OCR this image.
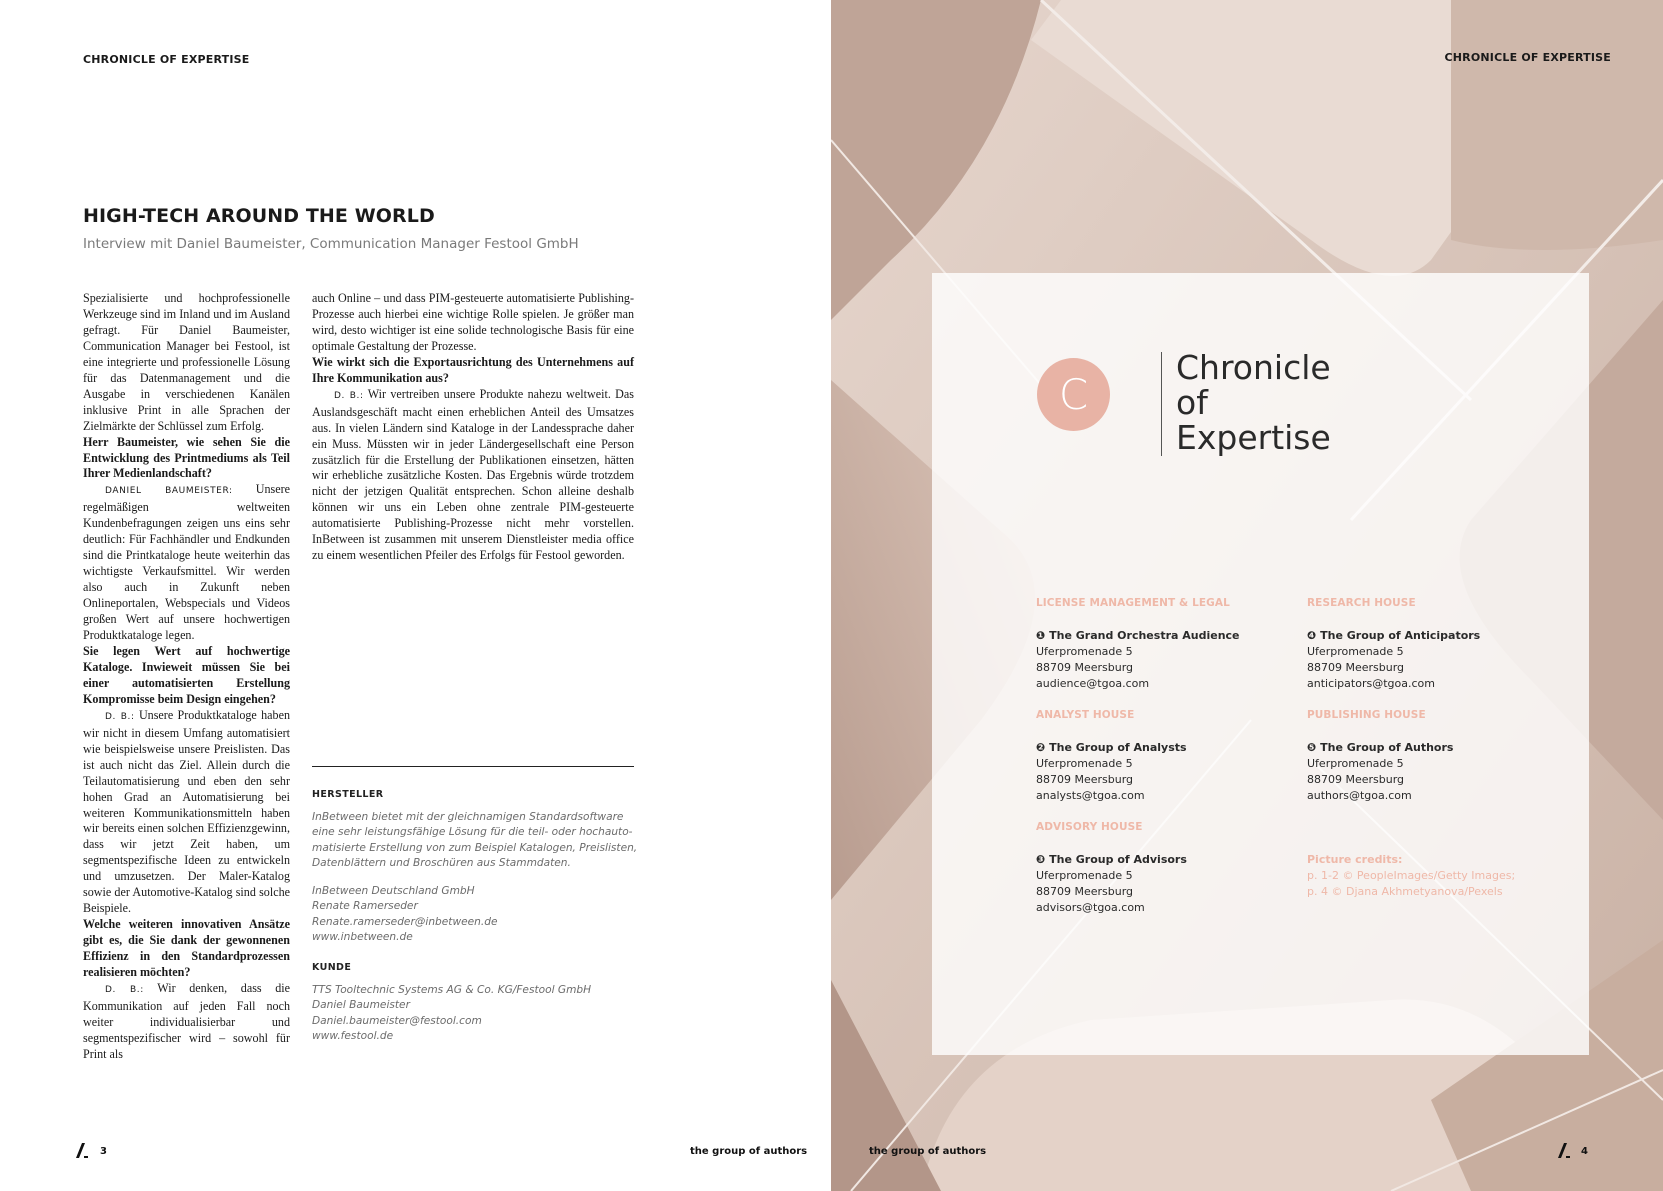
CHRONICLE OF EXPERTISE
HIGH-TECH AROUND THE WORLD
Interview mit Daniel Baumeister, Communication Manager Festool GmbH

Spezialisierte und hochprofessionelle Werkzeuge sind im Inland und im Ausland gefragt. Für Daniel Baumeister, Communication Manager bei Festool, ist eine integrierte und professionelle Lösung für das Datenmanagement und die Ausgabe in verschiedenen Kanälen inklusive Print in alle Sprachen der Zielmärkte der Schlüssel zum Erfolg.

Herr Baumeister, wie sehen Sie die Entwicklung des Printmediums als Teil Ihrer Medienlandschaft?

DANIEL BAUMEISTER: Unsere regelmäßigen weltweiten Kundenbefragungen zeigen uns eins sehr deutlich: Für Fachhändler und Endkunden sind die Printkataloge heute weiterhin das wichtigste Verkaufsmittel. Wir werden also auch in Zukunft neben Onlineportalen, Webspecials und Videos großen Wert auf unsere hochwertigen Produktkataloge legen.

Sie legen Wert auf hochwertige Kataloge. Inwieweit müssen Sie bei einer automatisierten Erstellung Kompromisse beim Design eingehen?

D. B.: Unsere Produktkataloge haben wir nicht in diesem Umfang automatisiert wie beispielsweise unsere Preislisten. Das ist auch nicht das Ziel. Allein durch die Teilautomatisierung und eben den sehr hohen Grad an Automatisierung bei weiteren Kommunikationsmitteln haben wir bereits einen solchen Effizienzgewinn, dass wir jetzt Zeit haben, um segmentspezifische Ideen zu entwickeln und umzusetzen. Der Maler-Katalog sowie der Automotive-Katalog sind solche Beispiele.

Welche weiteren innovativen Ansätze gibt es, die Sie dank der gewonnenen Effizienz in den Standardprozessen realisieren möchten?

D. B.: Wir denken, dass die Kommunikation auf jeden Fall noch weiter individualisierbar und segmentspezifischer wird – sowohl für Print als

auch Online – und dass PIM-gesteuerte automatisierte Publishing-Prozesse auch hierbei eine wichtige Rolle spielen. Je größer man wird, desto wichtiger ist eine solide technologische Basis für eine optimale Gestaltung der Prozesse.

Wie wirkt sich die Exportausrichtung des Unternehmens auf Ihre Kommunikation aus?

D. B.: Wir vertreiben unsere Produkte nahezu weltweit. Das Auslandsgeschäft macht einen erheblichen Anteil des Umsatzes aus. In vielen Ländern sind Kataloge in der Landessprache daher ein Muss. Müssten wir in jeder Ländergesellschaft eine Person zusätzlich für die Erstellung der Publikationen einsetzen, hätten wir erhebliche zusätzliche Kosten. Das Ergebnis würde trotzdem nicht der jetzigen Qualität entsprechen. Schon alleine deshalb können wir uns ein Leben ohne zentrale PIM-gesteuerte automatisierte Publishing-Prozesse nicht mehr vorstellen. InBetween ist zusammen mit unserem Dienstleister media office zu einem wesentlichen Pfeiler des Erfolgs für Festool geworden.

HERSTELLER
InBetween bietet mit der gleichnamigen Standardsoftware
eine sehr leistungsfähige Lösung für die teil- oder hochauto-
matisierte Erstellung von zum Beispiel Katalogen, Preislisten,
Datenblättern und Broschüren aus Stammdaten.
InBetween Deutschland GmbH
Renate Ramerseder
Renate.ramerseder@inbetween.de
www.inbetween.de
KUNDE
TTS Tooltechnic Systems AG & Co. KG/Festool GmbH
Daniel Baumeister
Daniel.baumeister@festool.com
www.festool.de
3	the group of authors
CHRONICLE OF EXPERTISE
C
Chronicle
of
Expertise
LICENSE MANAGEMENT & LEGAL
❶ The Grand Orchestra Audience
Uferpromenade 5
88709 Meersburg
audience@tgoa.com
ANALYST HOUSE
❷ The Group of Analysts
Uferpromenade 5
88709 Meersburg
analysts@tgoa.com
ADVISORY HOUSE
❸ The Group of Advisors
Uferpromenade 5
88709 Meersburg
advisors@tgoa.com
RESEARCH HOUSE
❹ The Group of Anticipators
Uferpromenade 5
88709 Meersburg
anticipators@tgoa.com
PUBLISHING HOUSE
❺ The Group of Authors
Uferpromenade 5
88709 Meersburg
authors@tgoa.com
Picture credits:
p. 1-2 © PeopleImages/Getty Images;
p. 4 © Djana Akhmetyanova/Pexels
the group of authors	4
